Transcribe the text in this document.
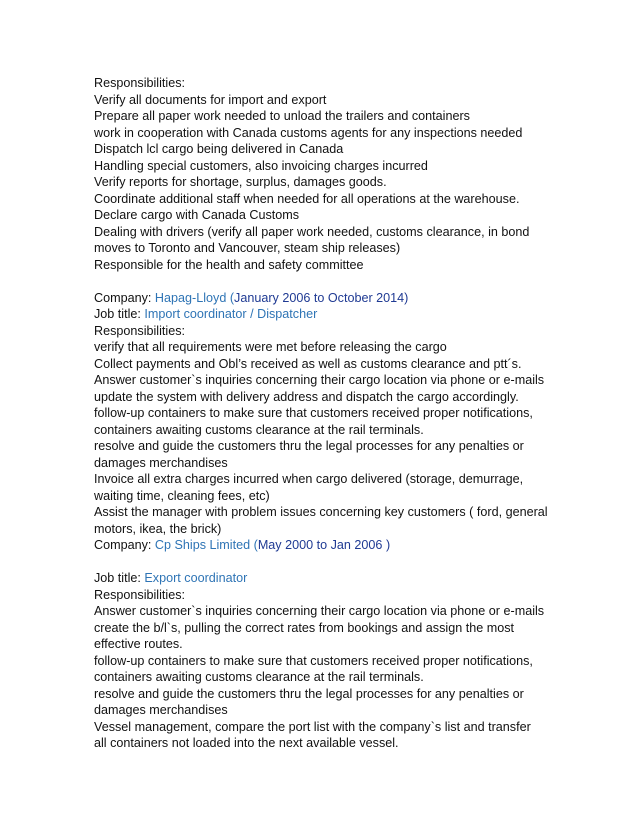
Responsibilities:
Verify all documents for import and export
Prepare all paper work needed to unload the trailers and containers
work in cooperation with Canada customs agents for any inspections needed
Dispatch lcl cargo being delivered in Canada
Handling special customers, also invoicing charges incurred
Verify reports for shortage, surplus, damages goods.
Coordinate additional staff when needed for all operations at the warehouse.
Declare cargo with Canada Customs
Dealing with drivers (verify all paper work needed, customs clearance, in bond
moves to Toronto and Vancouver, steam ship releases)
Responsible for the health and safety committee
Company: Hapag-Lloyd (January 2006 to October 2014)
Job title: Import coordinator / Dispatcher
Responsibilities:
verify that all requirements were met before releasing the cargo
Collect payments and Obl’s received as well as customs clearance and ptt´s.
Answer customer`s inquiries concerning their cargo location via phone or e-mails
update the system with delivery address and dispatch the cargo accordingly.
follow-up containers to make sure that customers received proper notifications,
containers awaiting customs clearance at the rail terminals.
resolve and guide the customers thru the legal processes for any penalties or
damages merchandises
Invoice all extra charges incurred when cargo delivered (storage, demurrage,
waiting time, cleaning fees, etc)
Assist the manager with problem issues concerning key customers ( ford, general
motors, ikea, the brick)
Company: Cp Ships Limited (May 2000 to Jan 2006 )
Job title: Export coordinator
Responsibilities:
Answer customer`s inquiries concerning their cargo location via phone or e-mails
create the b/l`s, pulling the correct rates from bookings and assign the most
effective routes.
follow-up containers to make sure that customers received proper notifications,
containers awaiting customs clearance at the rail terminals.
resolve and guide the customers thru the legal processes for any penalties or
damages merchandises
Vessel management, compare the port list with the company`s list and transfer
all containers not loaded into the next available vessel.
